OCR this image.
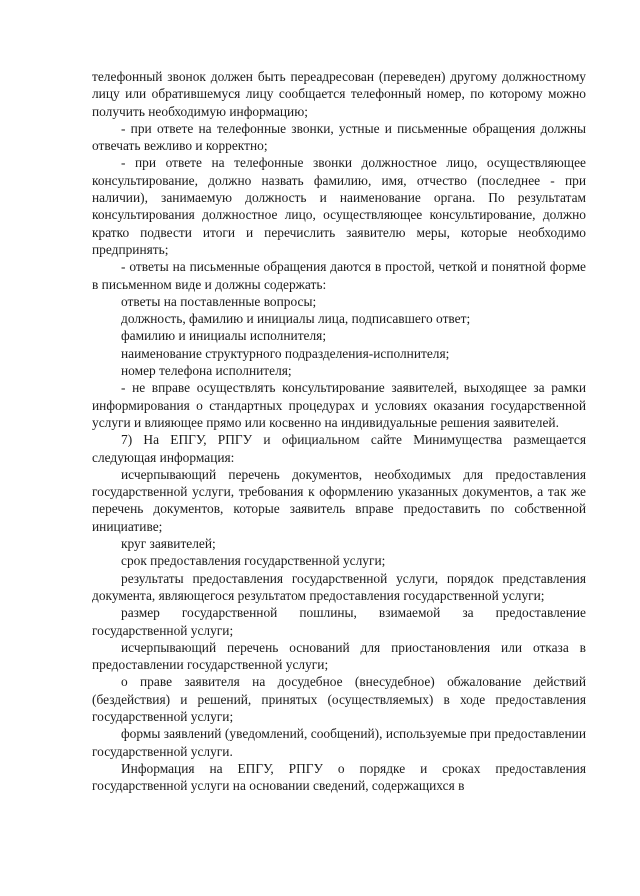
телефонный звонок должен быть переадресован (переведен) другому должностному лицу или обратившемуся лицу сообщается телефонный номер, по которому можно получить необходимую информацию;

- при ответе на телефонные звонки, устные и письменные обращения должны отвечать вежливо и корректно;

- при ответе на телефонные звонки должностное лицо, осуществляющее консультирование, должно назвать фамилию, имя, отчество (последнее - при наличии), занимаемую должность и наименование органа. По результатам консультирования должностное лицо, осуществляющее консультирование, должно кратко подвести итоги и перечислить заявителю меры, которые необходимо предпринять;

- ответы на письменные обращения даются в простой, четкой и понятной форме в письменном виде и должны содержать:

ответы на поставленные вопросы;

должность, фамилию и инициалы лица, подписавшего ответ;

фамилию и инициалы исполнителя;

наименование структурного подразделения-исполнителя;

номер телефона исполнителя;

- не вправе осуществлять консультирование заявителей, выходящее за рамки информирования о стандартных процедурах и условиях оказания государственной услуги и влияющее прямо или косвенно на индивидуальные решения заявителей.

7) На ЕПГУ, РПГУ и официальном сайте Минимущества размещается следующая информация:

исчерпывающий перечень документов, необходимых для предоставления государственной услуги, требования к оформлению указанных документов, а так же перечень документов, которые заявитель вправе предоставить по собственной инициативе;

круг заявителей;

срок предоставления государственной услуги;

результаты предоставления государственной услуги, порядок представления документа, являющегося результатом предоставления государственной услуги;

размер государственной пошлины, взимаемой за предоставление государственной услуги;

исчерпывающий перечень оснований для приостановления или отказа в предоставлении государственной услуги;

о праве заявителя на досудебное (внесудебное) обжалование действий (бездействия) и решений, принятых (осуществляемых) в ходе предоставления государственной услуги;

формы заявлений (уведомлений, сообщений), используемые при предоставлении государственной услуги.

Информация на ЕПГУ, РПГУ о порядке и сроках предоставления государственной услуги на основании сведений, содержащихся в
